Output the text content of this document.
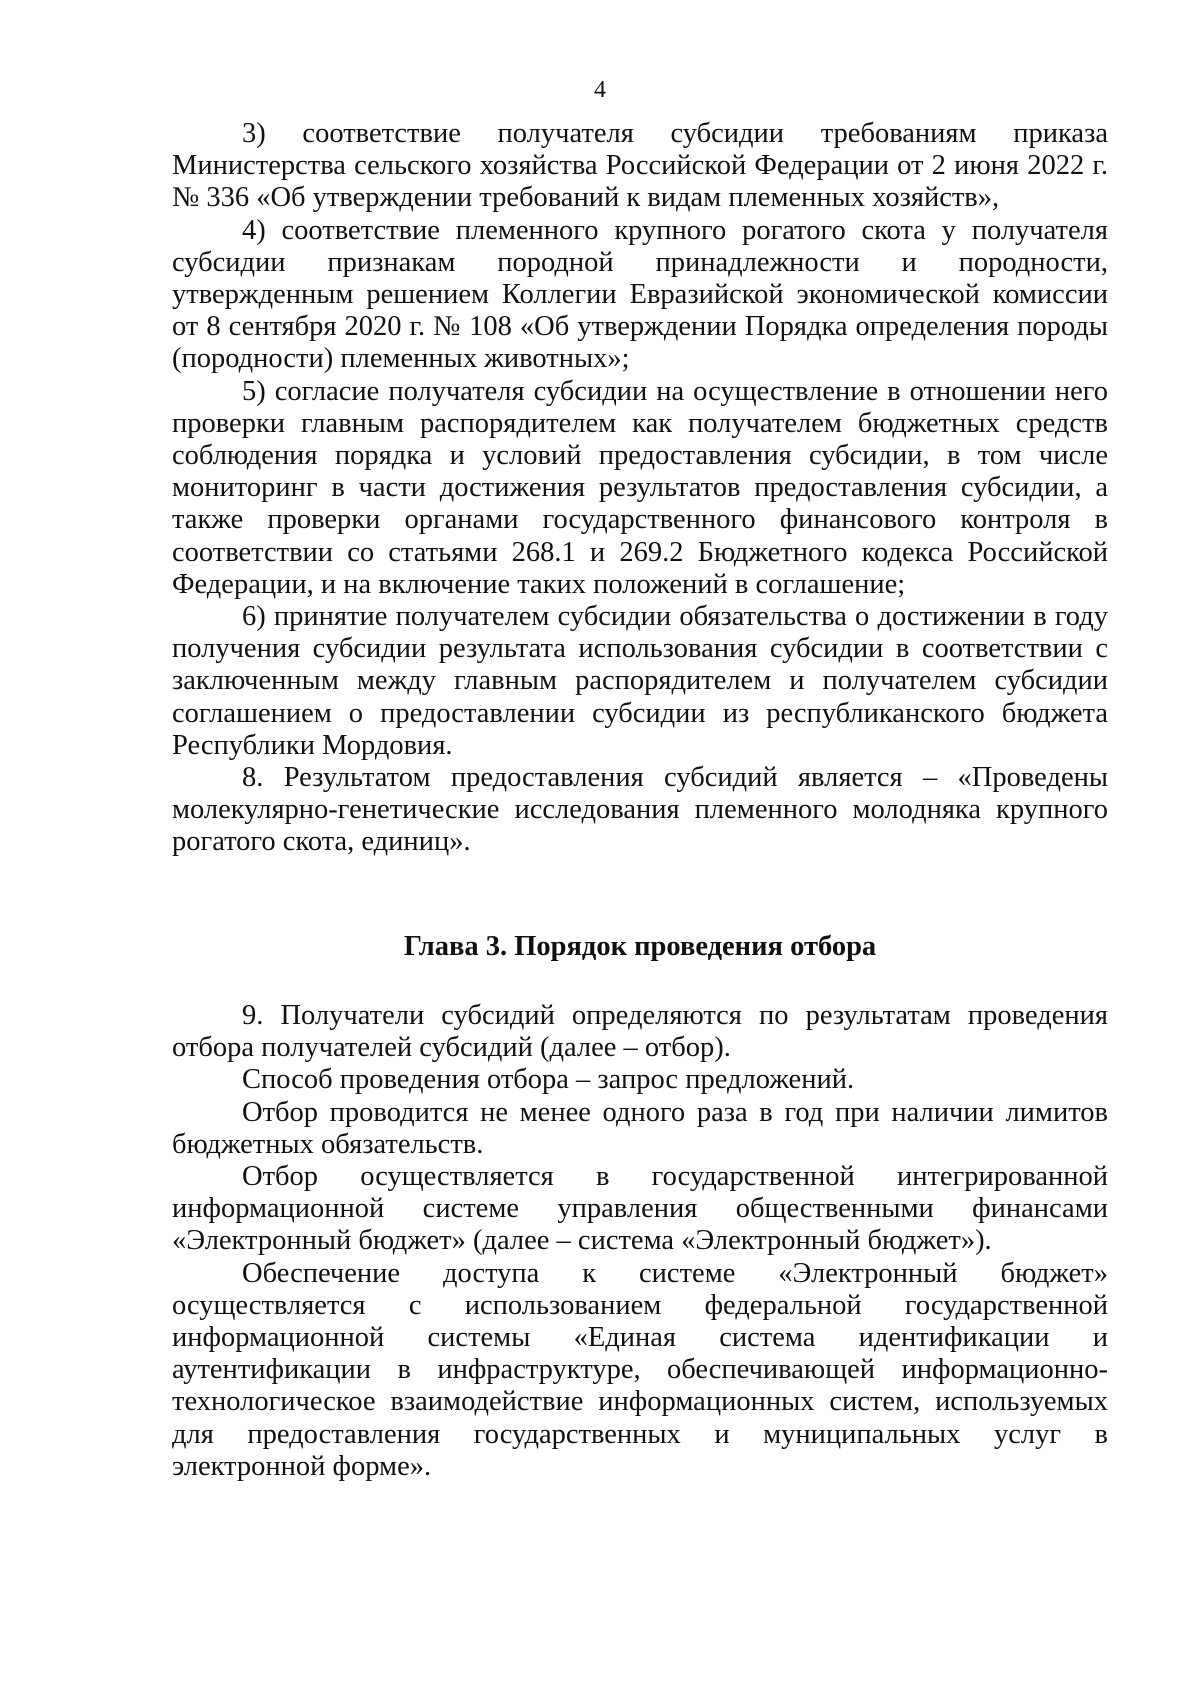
4

3) соответствие получателя субсидии требованиям приказа Министерства сельского хозяйства Российской Федерации от 2 июня 2022 г. № 336 «Об утверждении требований к видам племенных хозяйств»,

4) соответствие племенного крупного рогатого скота у получателя субсидии признакам породной принадлежности и породности, утвержденным решением Коллегии Евразийской экономической комиссии от 8 сентября 2020 г. № 108 «Об утверждении Порядка определения породы (породности) племенных животных»;

5) согласие получателя субсидии на осуществление в отношении него проверки главным распорядителем как получателем бюджетных средств соблюдения порядка и условий предоставления субсидии, в том числе мониторинг в части достижения результатов предоставления субсидии, а также проверки органами государственного финансового контроля в соответствии со статьями 268.1 и 269.2 Бюджетного кодекса Российской Федерации, и на включение таких положений в соглашение;

6) принятие получателем субсидии обязательства о достижении в году получения субсидии результата использования субсидии в соответствии с заключенным между главным распорядителем и получателем субсидии соглашением о предоставлении субсидии из республиканского бюджета Республики Мордовия.

8. Результатом предоставления субсидий является – «Проведены молекулярно-генетические исследования племенного молодняка крупного рогатого скота, единиц».

Глава 3. Порядок проведения отбора

9. Получатели субсидий определяются по результатам проведения отбора получателей субсидий (далее – отбор).

Способ проведения отбора – запрос предложений.

Отбор проводится не менее одного раза в год при наличии лимитов бюджетных обязательств.

Отбор осуществляется в государственной интегрированной информационной системе управления общественными финансами «Электронный бюджет» (далее – система «Электронный бюджет»).

Обеспечение доступа к системе «Электронный бюджет» осуществляется с использованием федеральной государственной информационной системы «Единая система идентификации и аутентификации в инфраструктуре, обеспечивающей информационно-технологическое взаимодействие информационных систем, используемых для предоставления государственных и муниципальных услуг в электронной форме».
